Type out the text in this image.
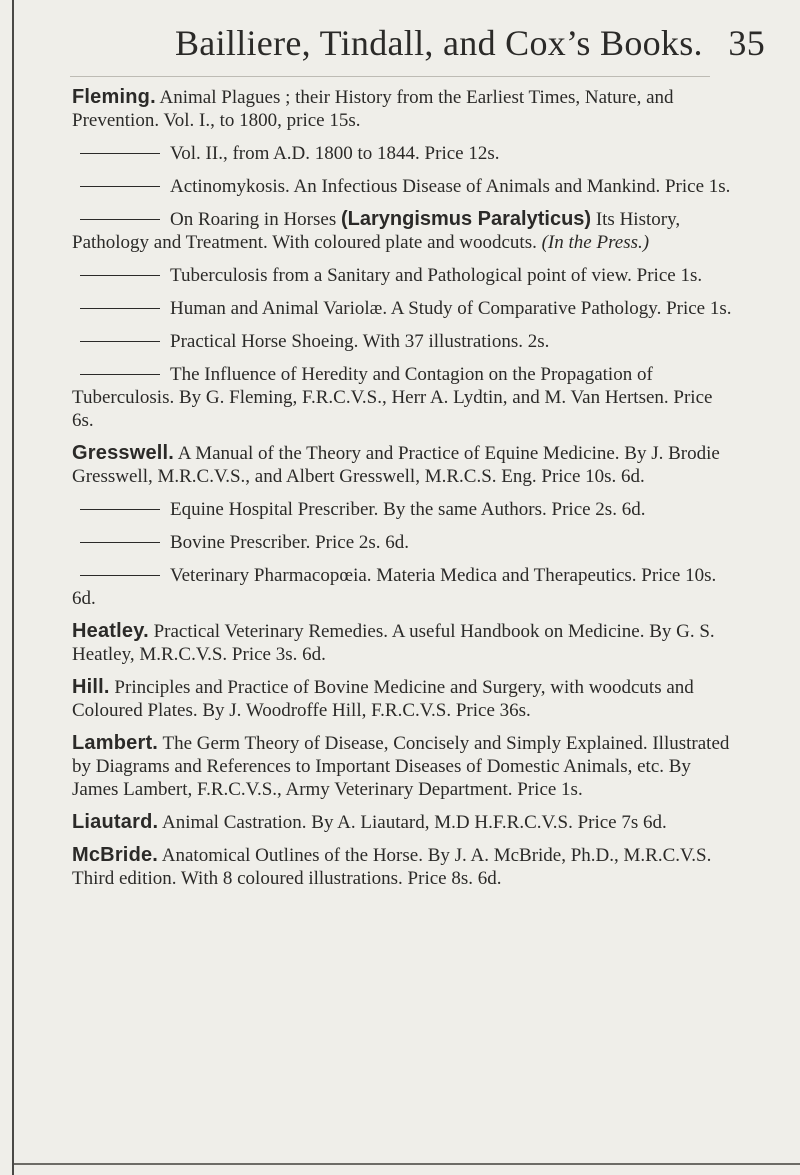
Bailliere, Tindall, and Cox’s Books. 35

Fleming. Animal Plagues ; their History from the Earliest Times, Nature, and Prevention. Vol. I., to 1800, price 15s.

Vol. II., from A.D. 1800 to 1844. Price 12s.

Actinomykosis. An Infectious Disease of Animals and Mankind. Price 1s.

On Roaring in Horses (Laryngismus Paralyticus) Its History, Pathology and Treatment. With coloured plate and woodcuts. (In the Press.)

Tuberculosis from a Sanitary and Pathological point of view. Price 1s.

Human and Animal Variolæ. A Study of Comparative Pathology. Price 1s.

Practical Horse Shoeing. With 37 illustrations. 2s.

The Influence of Heredity and Contagion on the Propagation of Tuberculosis. By G. Fleming, F.R.C.V.S., Herr A. Lydtin, and M. Van Hertsen. Price 6s.

Gresswell. A Manual of the Theory and Practice of Equine Medicine. By J. Brodie Gresswell, M.R.C.V.S., and Albert Gresswell, M.R.C.S. Eng. Price 10s. 6d.

Equine Hospital Prescriber. By the same Authors. Price 2s. 6d.

Bovine Prescriber. Price 2s. 6d.

Veterinary Pharmacopœia. Materia Medica and Therapeutics. Price 10s. 6d.

Heatley. Practical Veterinary Remedies. A useful Handbook on Medicine. By G. S. Heatley, M.R.C.V.S. Price 3s. 6d.

Hill. Principles and Practice of Bovine Medicine and Surgery, with woodcuts and Coloured Plates. By J. Woodroffe Hill, F.R.C.V.S. Price 36s.

Lambert. The Germ Theory of Disease, Concisely and Simply Explained. Illustrated by Diagrams and References to Important Diseases of Domestic Animals, etc. By James Lambert, F.R.C.V.S., Army Veterinary Department. Price 1s.

Liautard. Animal Castration. By A. Liautard, M.D H.F.R.C.V.S. Price 7s 6d.

McBride. Anatomical Outlines of the Horse. By J. A. McBride, Ph.D., M.R.C.V.S. Third edition. With 8 coloured illustrations. Price 8s. 6d.
